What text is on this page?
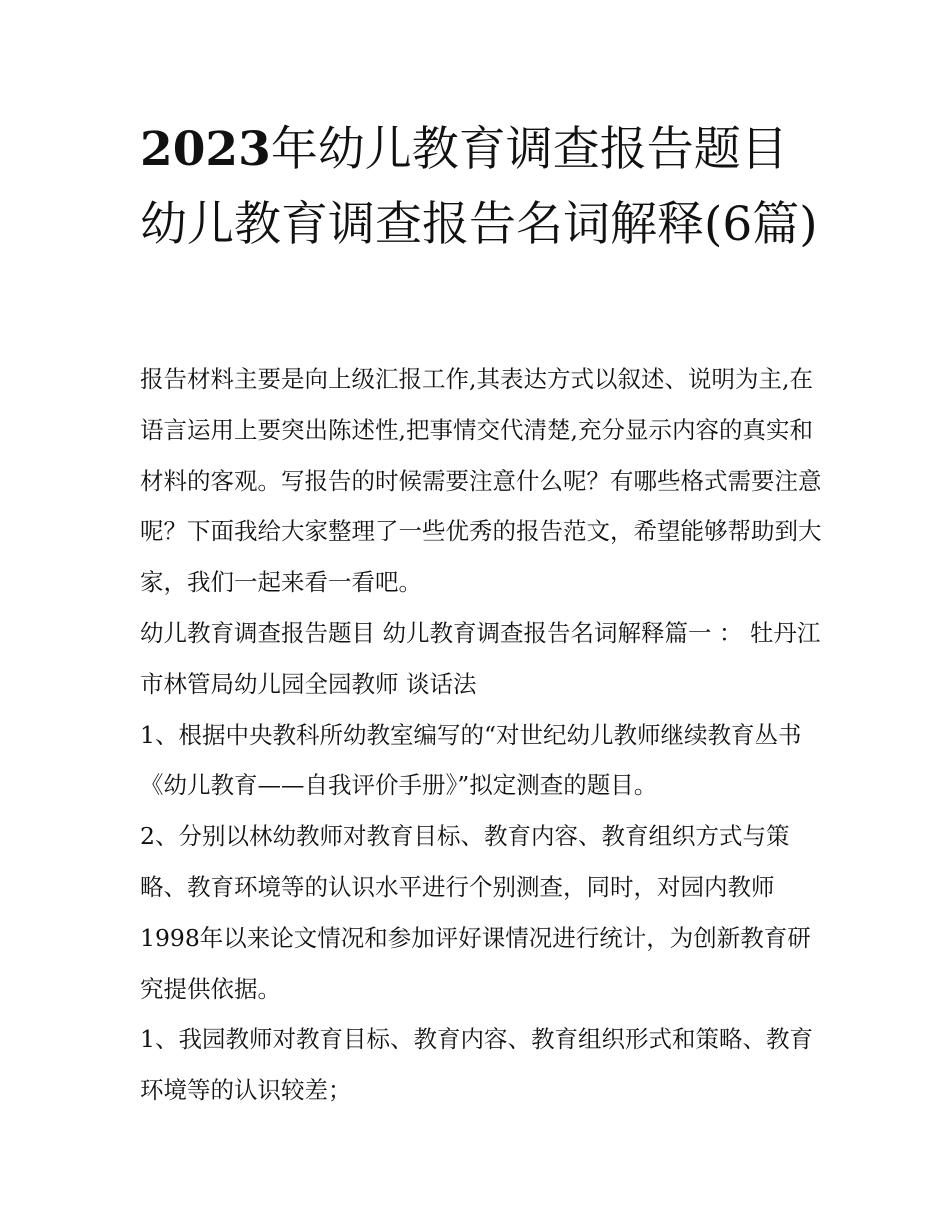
2023年幼儿教育调查报告题目 幼儿教育调查报告名词解释(6篇)

报告材料主要是向上级汇报工作,其表达方式以叙述、说明为主,在语言运用上要突出陈述性,把事情交代清楚,充分显示内容的真实和材料的客观。写报告的时候需要注意什么呢？有哪些格式需要注意呢？下面我给大家整理了一些优秀的报告范文，希望能够帮助到大家，我们一起来看一看吧。

幼儿教育调查报告题目 幼儿教育调查报告名词解释篇一 ： 牡丹江市林管局幼儿园全园教师 谈话法

1、根据中央教科所幼教室编写的“对世纪幼儿教师继续教育丛书《幼儿教育——自我评价手册》”拟定测查的题目。

2、分别以林幼教师对教育目标、教育内容、教育组织方式与策略、教育环境等的认识水平进行个别测查，同时，对园内教师1998年以来论文情况和参加评好课情况进行统计，为创新教育研究提供依据。

1、我园教师对教育目标、教育内容、教育组织形式和策略、教育环境等的认识较差；
